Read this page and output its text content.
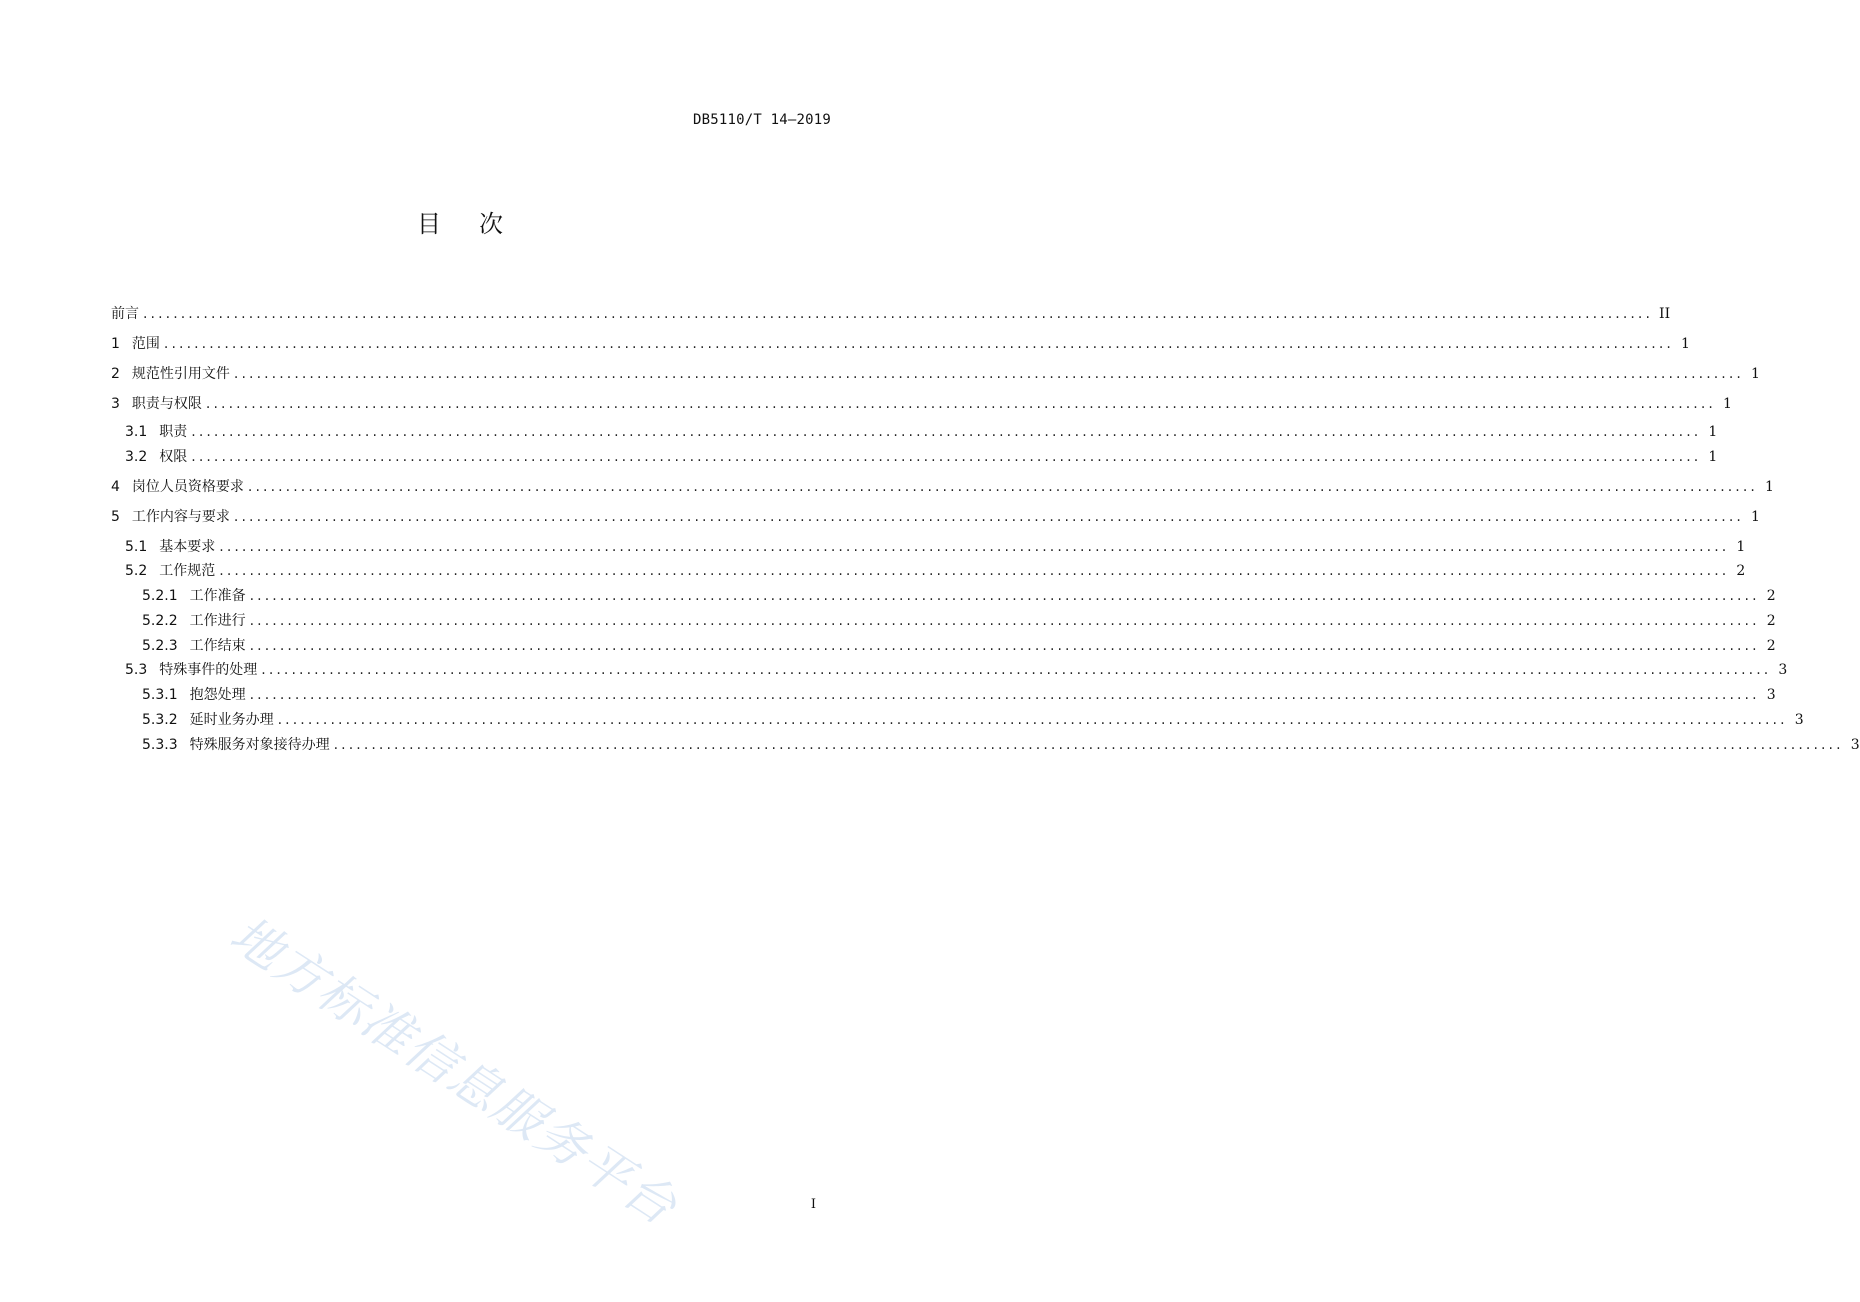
DB5110/T 14—2019
目次
前言 ........................................................................................................................................................................................................ II
1 范围 ........................................................................................................................................................................................................ 1
2 规范性引用文件 ........................................................................................................................................................................................................ 1
3 职责与权限 ........................................................................................................................................................................................................ 1
3.1 职责 ........................................................................................................................................................................................................ 1
3.2 权限 ........................................................................................................................................................................................................ 1
4 岗位人员资格要求 ........................................................................................................................................................................................................ 1
5 工作内容与要求 ........................................................................................................................................................................................................ 1
5.1 基本要求 ........................................................................................................................................................................................................ 1
5.2 工作规范 ........................................................................................................................................................................................................ 2
5.2.1 工作准备 ........................................................................................................................................................................................................ 2
5.2.2 工作进行 ........................................................................................................................................................................................................ 2
5.2.3 工作结束 ........................................................................................................................................................................................................ 2
5.3 特殊事件的处理 ........................................................................................................................................................................................................ 3
5.3.1 抱怨处理 ........................................................................................................................................................................................................ 3
5.3.2 延时业务办理 ........................................................................................................................................................................................................ 3
5.3.3 特殊服务对象接待办理 ........................................................................................................................................................................................................ 3
地方标准信息服务平台	I
